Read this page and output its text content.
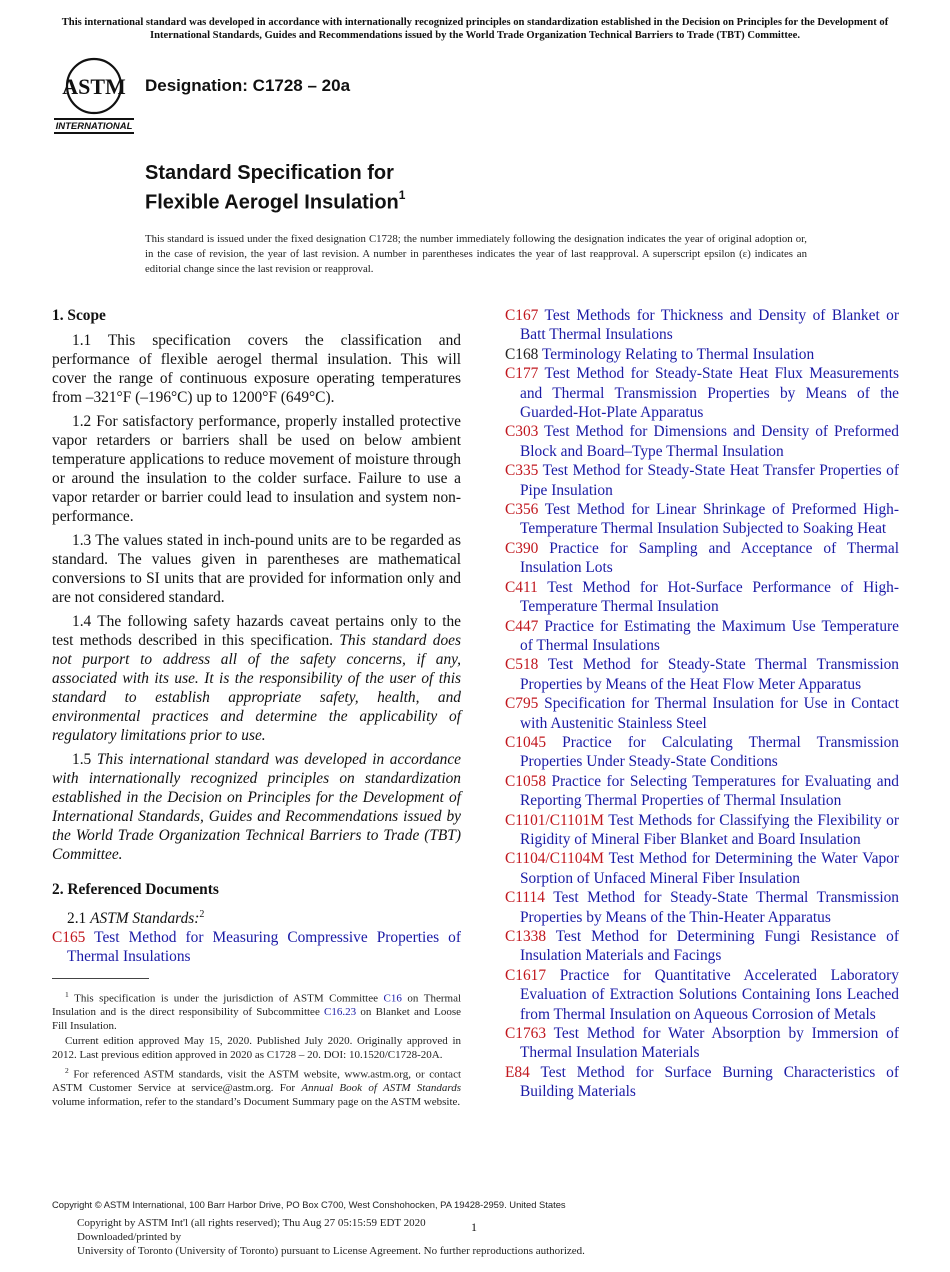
This international standard was developed in accordance with internationally recognized principles on standardization established in the Decision on Principles for the Development of International Standards, Guides and Recommendations issued by the World Trade Organization Technical Barriers to Trade (TBT) Committee.
ASTM
INTERNATIONAL
Designation: C1728 – 20a
Standard Specification for
Flexible Aerogel Insulation$^1$
This standard is issued under the fixed designation C1728; the number immediately following the designation indicates the year of original adoption or, in the case of revision, the year of last revision. A number in parentheses indicates the year of last reapproval. A superscript epsilon (ε) indicates an editorial change since the last revision or reapproval.
1. Scope

1.1 This specification covers the classification and performance of flexible aerogel thermal insulation. This will cover the range of continuous exposure operating temperatures from –321°F (–196°C) up to 1200°F (649°C).

1.2 For satisfactory performance, properly installed protective vapor retarders or barriers shall be used on below ambient temperature applications to reduce movement of moisture through or around the insulation to the colder surface. Failure to use a vapor retarder or barrier could lead to insulation and system non-performance.

1.3 The values stated in inch-pound units are to be regarded as standard. The values given in parentheses are mathematical conversions to SI units that are provided for information only and are not considered standard.

1.4 The following safety hazards caveat pertains only to the test methods described in this specification. This standard does not purport to address all of the safety concerns, if any, associated with its use. It is the responsibility of the user of this standard to establish appropriate safety, health, and environmental practices and determine the applicability of regulatory limitations prior to use.

1.5 This international standard was developed in accordance with internationally recognized principles on standardization established in the Decision on Principles for the Development of International Standards, Guides and Recommendations issued by the World Trade Organization Technical Barriers to Trade (TBT) Committee.

2. Referenced Documents
2.1 ASTM Standards:$^2$

C165 Test Method for Measuring Compressive Properties of Thermal Insulations

C167 Test Methods for Thickness and Density of Blanket or Batt Thermal Insulations

C168 Terminology Relating to Thermal Insulation

C177 Test Method for Steady-State Heat Flux Measurements and Thermal Transmission Properties by Means of the Guarded-Hot-Plate Apparatus

C303 Test Method for Dimensions and Density of Preformed Block and Board–Type Thermal Insulation

C335 Test Method for Steady-State Heat Transfer Properties of Pipe Insulation

C356 Test Method for Linear Shrinkage of Preformed High-Temperature Thermal Insulation Subjected to Soaking Heat

C390 Practice for Sampling and Acceptance of Thermal Insulation Lots

C411 Test Method for Hot-Surface Performance of High-Temperature Thermal Insulation

C447 Practice for Estimating the Maximum Use Temperature of Thermal Insulations

C518 Test Method for Steady-State Thermal Transmission Properties by Means of the Heat Flow Meter Apparatus

C795 Specification for Thermal Insulation for Use in Contact with Austenitic Stainless Steel

C1045 Practice for Calculating Thermal Transmission Properties Under Steady-State Conditions

C1058 Practice for Selecting Temperatures for Evaluating and Reporting Thermal Properties of Thermal Insulation

C1101/C1101M Test Methods for Classifying the Flexibility or Rigidity of Mineral Fiber Blanket and Board Insulation

C1104/C1104M Test Method for Determining the Water Vapor Sorption of Unfaced Mineral Fiber Insulation

C1114 Test Method for Steady-State Thermal Transmission Properties by Means of the Thin-Heater Apparatus

C1338 Test Method for Determining Fungi Resistance of Insulation Materials and Facings

C1617 Practice for Quantitative Accelerated Laboratory Evaluation of Extraction Solutions Containing Ions Leached from Thermal Insulation on Aqueous Corrosion of Metals

C1763 Test Method for Water Absorption by Immersion of Thermal Insulation Materials

E84 Test Method for Surface Burning Characteristics of Building Materials

$^1$ This specification is under the jurisdiction of ASTM Committee C16 on Thermal Insulation and is the direct responsibility of Subcommittee C16.23 on Blanket and Loose Fill Insulation.

Current edition approved May 15, 2020. Published July 2020. Originally approved in 2012. Last previous edition approved in 2020 as C1728 – 20. DOI: 10.1520/C1728-20A.

$^2$ For referenced ASTM standards, visit the ASTM website, www.astm.org, or contact ASTM Customer Service at service@astm.org. For Annual Book of ASTM Standards volume information, refer to the standard’s Document Summary page on the ASTM website.

Copyright © ASTM International, 100 Barr Harbor Drive, PO Box C700, West Conshohocken, PA 19428-2959. United States
Copyright by ASTM Int'l (all rights reserved); Thu Aug 27 05:15:59 EDT 2020
Downloaded/printed by
University of Toronto (University of Toronto) pursuant to License Agreement. No further reproductions authorized.
1
